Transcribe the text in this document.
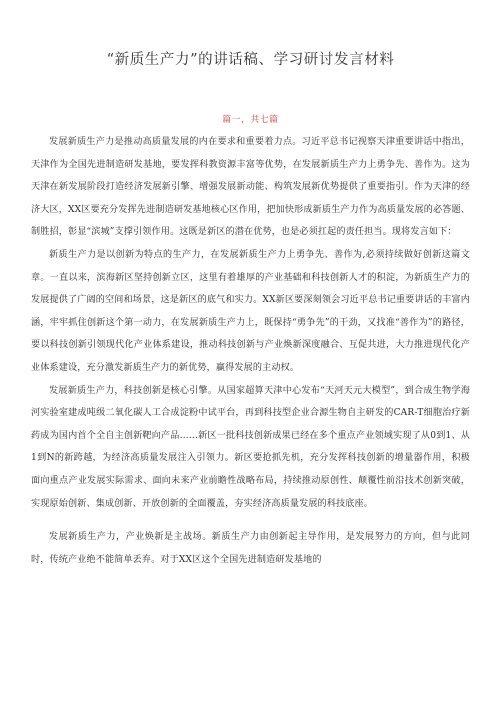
“新质生产力”的讲话稿、学习研讨发言材料

篇一，共七篇

发展新质生产力是推动高质量发展的内在要求和重要着力点。习近平总书记视察天津重要讲话中指出，天津作为全国先进制造研发基地，要发挥科教资源丰富等优势，在发展新质生产力上勇争先、善作为。这为天津在新发展阶段打造经济发展新引擎、增强发展新动能、构筑发展新优势提供了重要指引。作为天津的经济大区，XX区要充分发挥先进制造研发基地核心区作用，把加快形成新质生产力作为高质量发展的必答题、制胜招，彰显“滨城”支撑引领作用。这既是新区的潜在优势，也是必须扛起的责任担当。现将发言如下：

新质生产力是以创新为特点的生产力，在发展新质生产力上勇争先、善作为,必须持续做好创新这篇文章。一直以来，滨海新区坚持创新立区，这里有着雄厚的产业基础和科技创新人才的积淀，为新质生产力的发展提供了广阔的空间和场景，这是新区的底气和实力。XX新区要深刻领会习近平总书记重要讲话的丰富内涵，牢牢抓住创新这个第一动力，在发展新质生产力上，既保持“勇争先”的干劲，又找准“善作为”的路径，要以科技创新引领现代化产业体系建设，推动科技创新与产业焕新深度融合、互促共进，大力推进现代化产业体系建设，充分激发新质生产力的新优势，赢得发展的主动权。

发展新质生产力，科技创新是核心引擎。从国家超算天津中心发布“天河天元大模型”，到合成生物学海河实验室建成吨级二氧化碳人工合成淀粉中试平台，再到科技型企业合源生物自主研发的CAR-T细胞治疗新药成为国内首个全自主创新靶向产品……新区一批科技创新成果已经在多个重点产业领域实现了从0到1、从1到N的新跨越，为经济高质量发展注入引领力。新区要抢抓先机，充分发挥科技创新的增量器作用，积极面向重点产业发展实际需求、面向未来产业前瞻性战略布局，持续推动原创性、颠覆性前沿技术创新突破，实现原始创新、集成创新、开放创新的全面覆盖，夯实经济高质量发展的科技底座。

发展新质生产力，产业焕新是主战场。新质生产力由创新起主导作用，是发展努力的方向，但与此同时，传统产业绝不能简单丢弃。对于XX区这个全国先进制造研发基地的
